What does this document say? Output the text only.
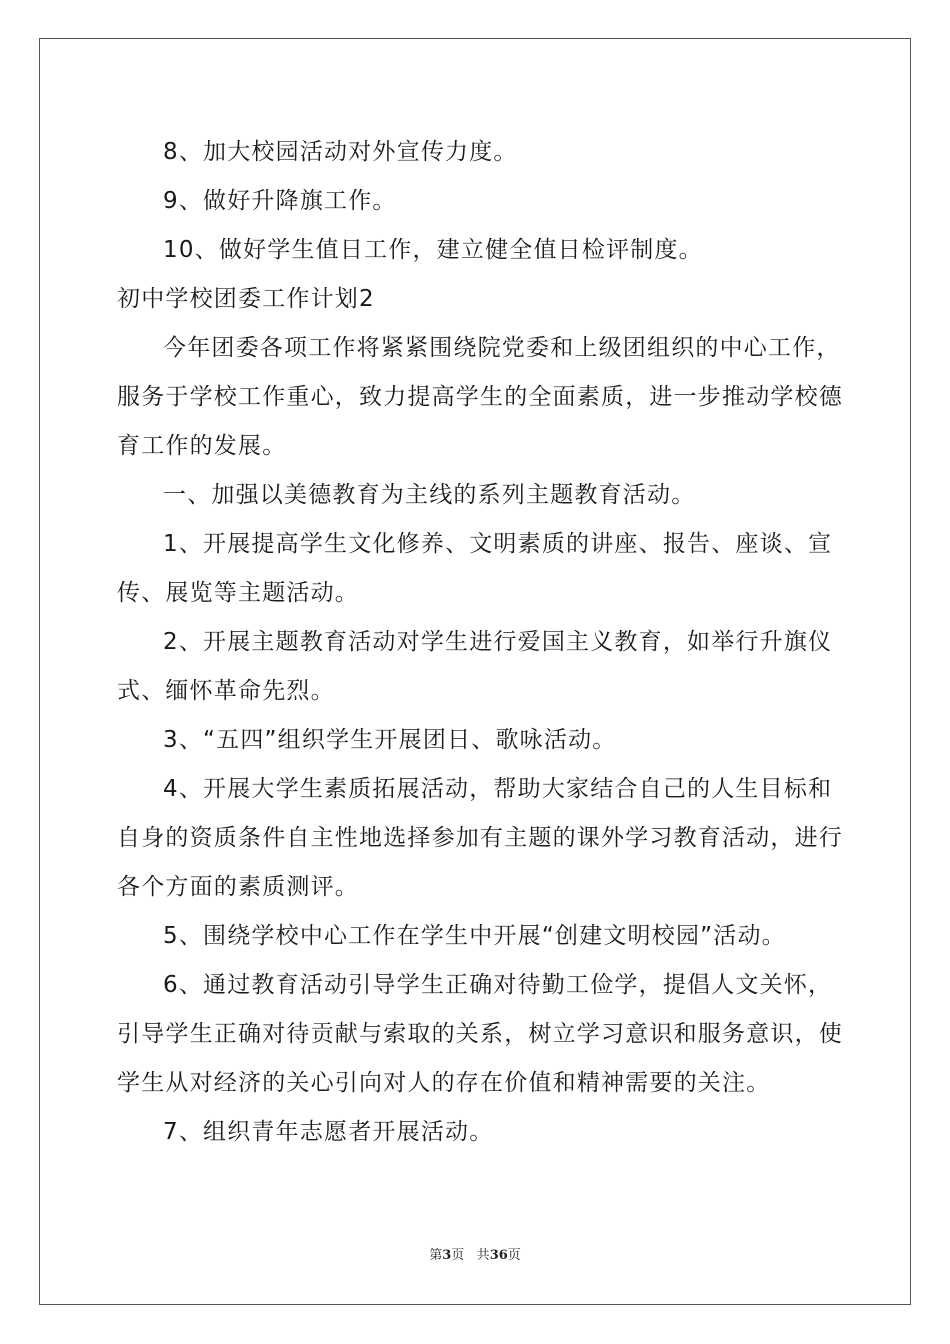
8、加大校园活动对外宣传力度。
9、做好升降旗工作。
10、做好学生值日工作，建立健全值日检评制度。
初中学校团委工作计划2
今年团委各项工作将紧紧围绕院党委和上级团组织的中心工作，
服务于学校工作重心，致力提高学生的全面素质，进一步推动学校德
育工作的发展。
一、加强以美德教育为主线的系列主题教育活动。
1、开展提高学生文化修养、文明素质的讲座、报告、座谈、宣
传、展览等主题活动。
2、开展主题教育活动对学生进行爱国主义教育，如举行升旗仪
式、缅怀革命先烈。
3、“五四”组织学生开展团日、歌咏活动。
4、开展大学生素质拓展活动，帮助大家结合自己的人生目标和
自身的资质条件自主性地选择参加有主题的课外学习教育活动，进行
各个方面的素质测评。
5、围绕学校中心工作在学生中开展“创建文明校园”活动。
6、通过教育活动引导学生正确对待勤工俭学，提倡人文关怀，
引导学生正确对待贡献与索取的关系，树立学习意识和服务意识，使
学生从对经济的关心引向对人的存在价值和精神需要的关注。
7、组织青年志愿者开展活动。
第3页 共36页
